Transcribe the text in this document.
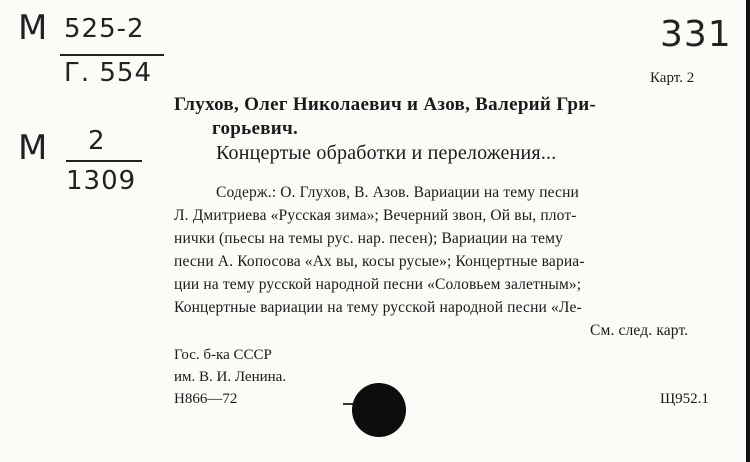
М 525-2
Г. 554
М 2
1309
331
Карт. 2
Глухов, Олег Николаевич и Азов, Валерий Гри-
горьевич.
Концертые обработки и переложения...
Содерж.: О. Глухов, В. Азов. Вариации на тему песни
Л. Дмитриева «Русская зима»; Вечерний звон, Ой вы, плот-
нички (пьесы на темы рус. нар. песен); Вариации на тему
песни А. Копосова «Ах вы, косы русые»; Концертные вариа-
ции на тему русской народной песни «Соловьем залетным»;
Концертные вариации на тему русской народной песни «Ле-
См. след. карт.
Гос. б-ка СССР
им. В. И. Ленина.
Н866—72	Щ952.1
